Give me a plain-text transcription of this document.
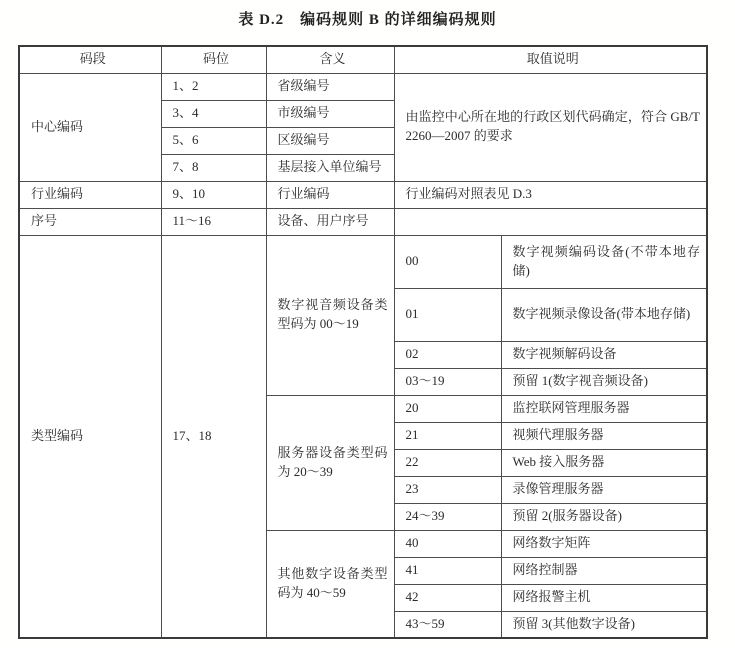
表 D.2　编码规则 B 的详细编码规则
码段	码位	含义	取值说明	
中心编码	1、2	省级编号	由监控中心所在地的行政区划代码确定，符合 GB/T 2260—2007 的要求	
	3、4	市级编号		
	5、6	区级编号		
	7、8	基层接入单位编号		
行业编码	9、10	行业编码	行业编码对照表见 D.3	
序号	11～16	设备、用户序号		
类型编码	17、18	数字视音频设备类型码为 00～19	00	数字视频编码设备(不带本地存储)
			01	数字视频录像设备(带本地存储)
			02	数字视频解码设备
			03～19	预留 1(数字视音频设备)
		服务器设备类型码为 20～39	20	监控联网管理服务器
			21	视频代理服务器
			22	Web 接入服务器
			23	录像管理服务器
			24～39	预留 2(服务器设备)
		其他数字设备类型码为 40～59	40	网络数字矩阵
			41	网络控制器
			42	网络报警主机
			43～59	预留 3(其他数字设备)
